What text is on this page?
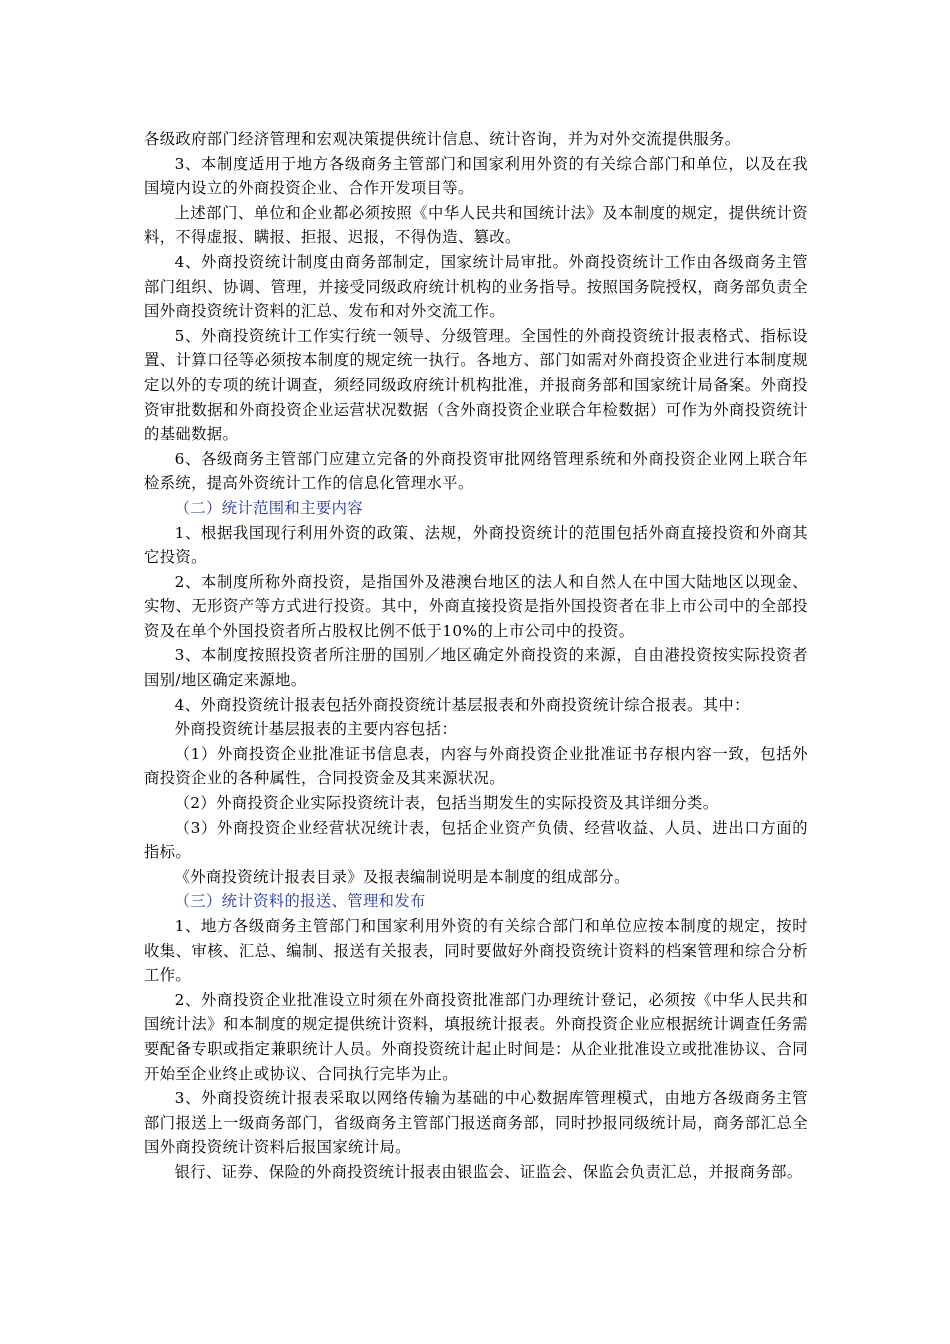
各级政府部门经济管理和宏观决策提供统计信息、统计咨询，并为对外交流提供服务。

3、本制度适用于地方各级商务主管部门和国家利用外资的有关综合部门和单位，以及在我国境内设立的外商投资企业、合作开发项目等。

上述部门、单位和企业都必须按照《中华人民共和国统计法》及本制度的规定，提供统计资料，不得虚报、瞒报、拒报、迟报，不得伪造、篡改。

4、外商投资统计制度由商务部制定，国家统计局审批。外商投资统计工作由各级商务主管部门组织、协调、管理，并接受同级政府统计机构的业务指导。按照国务院授权，商务部负责全国外商投资统计资料的汇总、发布和对外交流工作。

5、外商投资统计工作实行统一领导、分级管理。全国性的外商投资统计报表格式、指标设置、计算口径等必须按本制度的规定统一执行。各地方、部门如需对外商投资企业进行本制度规定以外的专项的统计调查，须经同级政府统计机构批准，并报商务部和国家统计局备案。外商投资审批数据和外商投资企业运营状况数据（含外商投资企业联合年检数据）可作为外商投资统计的基础数据。

6、各级商务主管部门应建立完备的外商投资审批网络管理系统和外商投资企业网上联合年检系统，提高外资统计工作的信息化管理水平。

（二）统计范围和主要内容

1、根据我国现行利用外资的政策、法规，外商投资统计的范围包括外商直接投资和外商其它投资。

2、本制度所称外商投资，是指国外及港澳台地区的法人和自然人在中国大陆地区以现金、实物、无形资产等方式进行投资。其中，外商直接投资是指外国投资者在非上市公司中的全部投资及在单个外国投资者所占股权比例不低于10%的上市公司中的投资。

3、本制度按照投资者所注册的国别／地区确定外商投资的来源，自由港投资按实际投资者国别/地区确定来源地。

4、外商投资统计报表包括外商投资统计基层报表和外商投资统计综合报表。其中：

外商投资统计基层报表的主要内容包括：

（1）外商投资企业批准证书信息表，内容与外商投资企业批准证书存根内容一致，包括外商投资企业的各种属性，合同投资金及其来源状况。

（2）外商投资企业实际投资统计表，包括当期发生的实际投资及其详细分类。

（3）外商投资企业经营状况统计表，包括企业资产负债、经营收益、人员、进出口方面的指标。

《外商投资统计报表目录》及报表编制说明是本制度的组成部分。

（三）统计资料的报送、管理和发布

1、地方各级商务主管部门和国家利用外资的有关综合部门和单位应按本制度的规定，按时收集、审核、汇总、编制、报送有关报表，同时要做好外商投资统计资料的档案管理和综合分析工作。

2、外商投资企业批准设立时须在外商投资批准部门办理统计登记，必须按《中华人民共和国统计法》和本制度的规定提供统计资料，填报统计报表。外商投资企业应根据统计调查任务需要配备专职或指定兼职统计人员。外商投资统计起止时间是：从企业批准设立或批准协议、合同开始至企业终止或协议、合同执行完毕为止。

3、外商投资统计报表采取以网络传输为基础的中心数据库管理模式，由地方各级商务主管部门报送上一级商务部门，省级商务主管部门报送商务部，同时抄报同级统计局，商务部汇总全国外商投资统计资料后报国家统计局。

银行、证券、保险的外商投资统计报表由银监会、证监会、保监会负责汇总，并报商务部。
